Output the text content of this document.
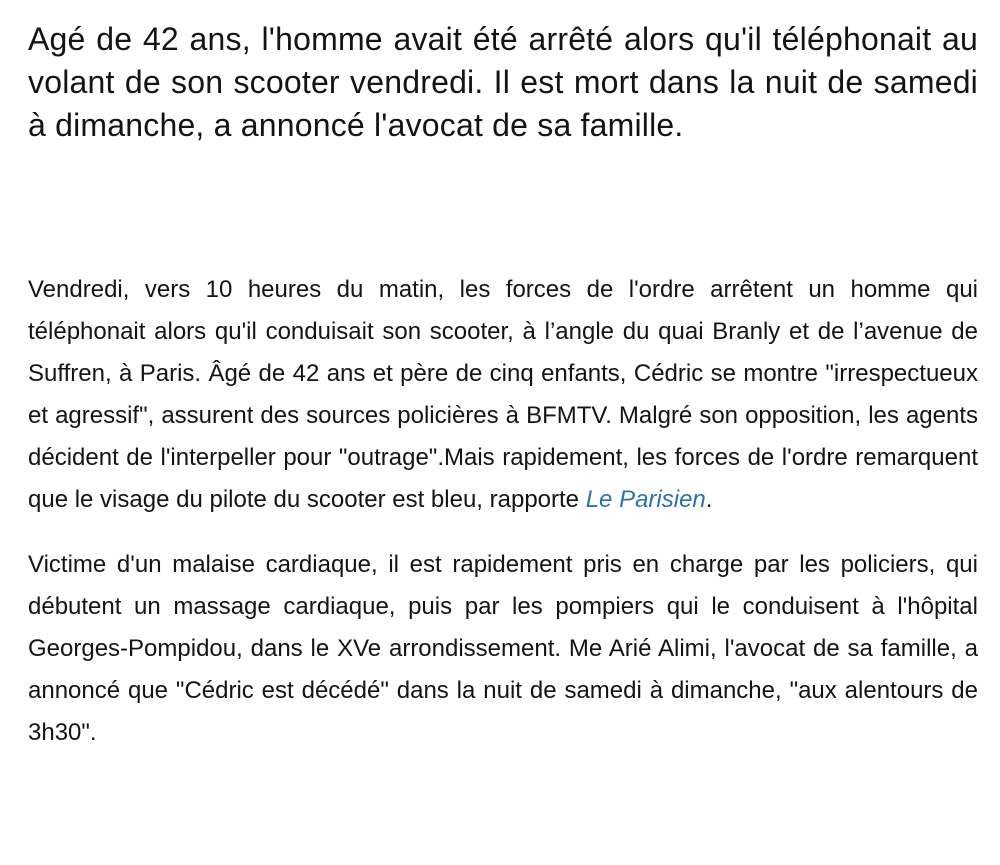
Agé de 42 ans, l'homme avait été arrêté alors qu'il téléphonait au volant de son scooter vendredi. Il est mort dans la nuit de samedi à dimanche, a annoncé l'avocat de sa famille.

Vendredi, vers 10 heures du matin, les forces de l'ordre arrêtent un homme qui téléphonait alors qu'il conduisait son scooter, à l’angle du quai Branly et de l’avenue de Suffren, à Paris. Âgé de 42 ans et père de cinq enfants, Cédric se montre "irrespectueux et agressif", assurent des sources policières à BFMTV. Malgré son opposition, les agents décident de l'interpeller pour "outrage".Mais rapidement, les forces de l'ordre remarquent que le visage du pilote du scooter est bleu, rapporte Le Parisien.

Victime d'un malaise cardiaque, il est rapidement pris en charge par les policiers, qui débutent un massage cardiaque, puis par les pompiers qui le conduisent à l'hôpital Georges-Pompidou, dans le XVe arrondissement. Me Arié Alimi, l'avocat de sa famille, a annoncé que "Cédric est décédé" dans la nuit de samedi à dimanche, "aux alentours de 3h30".
